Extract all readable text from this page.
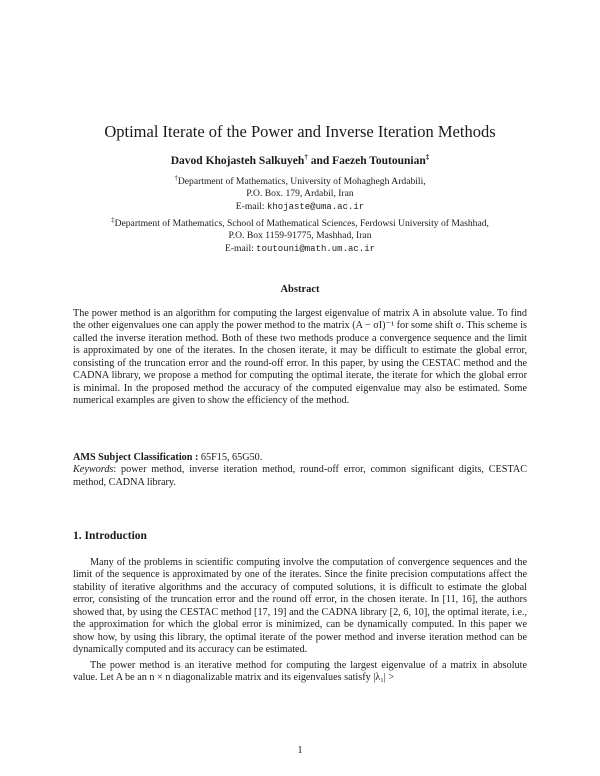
Optimal Iterate of the Power and Inverse Iteration Methods
Davod Khojasteh Salkuyeh† and Faezeh Toutounian‡
†Department of Mathematics, University of Mohaghegh Ardabili,
P.O. Box. 179, Ardabil, Iran
E-mail: khojaste@uma.ac.ir
‡Department of Mathematics, School of Mathematical Sciences, Ferdowsi University of Mashhad,
P.O. Box 1159-91775, Mashhad, Iran
E-mail: toutouni@math.um.ac.ir
Abstract
The power method is an algorithm for computing the largest eigenvalue of matrix A in absolute value. To find the other eigenvalues one can apply the power method to the matrix (A − σI)⁻¹ for some shift σ. This scheme is called the inverse iteration method. Both of these two methods produce a convergence sequence and the limit is approximated by one of the iterates. In the chosen iterate, it may be difficult to estimate the global error, consisting of the truncation error and the round-off error. In this paper, by using the CESTAC method and the CADNA library, we propose a method for computing the optimal iterate, the iterate for which the global error is minimal. In the proposed method the accuracy of the computed eigenvalue may also be estimated. Some numerical examples are given to show the efficiency of the method.
AMS Subject Classification : 65F15, 65G50.
Keywords: power method, inverse iteration method, round-off error, common significant digits, CESTAC method, CADNA library.
1. Introduction
Many of the problems in scientific computing involve the computation of convergence sequences and the limit of the sequence is approximated by one of the iterates. Since the finite precision computations affect the stability of iterative algorithms and the accuracy of computed solutions, it is difficult to estimate the global error, consisting of the truncation error and the round off error, in the chosen iterate. In [11, 16], the authors showed that, by using the CESTAC method [17, 19] and the CADNA library [2, 6, 10], the optimal iterate, i.e., the approximation for which the global error is minimized, can be dynamically computed. In this paper we show how, by using this library, the optimal iterate of the power method and inverse iteration method can be dynamically computed and its accuracy can be estimated.
The power method is an iterative method for computing the largest eigenvalue of a matrix in absolute value. Let A be an n × n diagonalizable matrix and its eigenvalues satisfy |λ₁| >
1
